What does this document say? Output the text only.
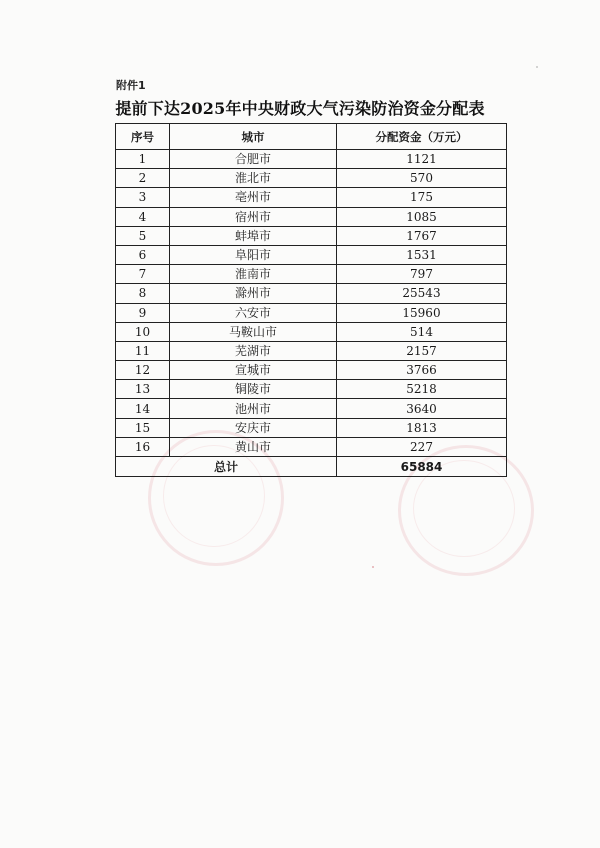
附件1
提前下达2025年中央财政大气污染防治资金分配表
序号	城市	分配资金（万元）
1	合肥市	1121
2	淮北市	570
3	亳州市	175
4	宿州市	1085
5	蚌埠市	1767
6	阜阳市	1531
7	淮南市	797
8	滁州市	25543
9	六安市	15960
10	马鞍山市	514
11	芜湖市	2157
12	宣城市	3766
13	铜陵市	5218
14	池州市	3640
15	安庆市	1813
16	黄山市	227
总计		65884
